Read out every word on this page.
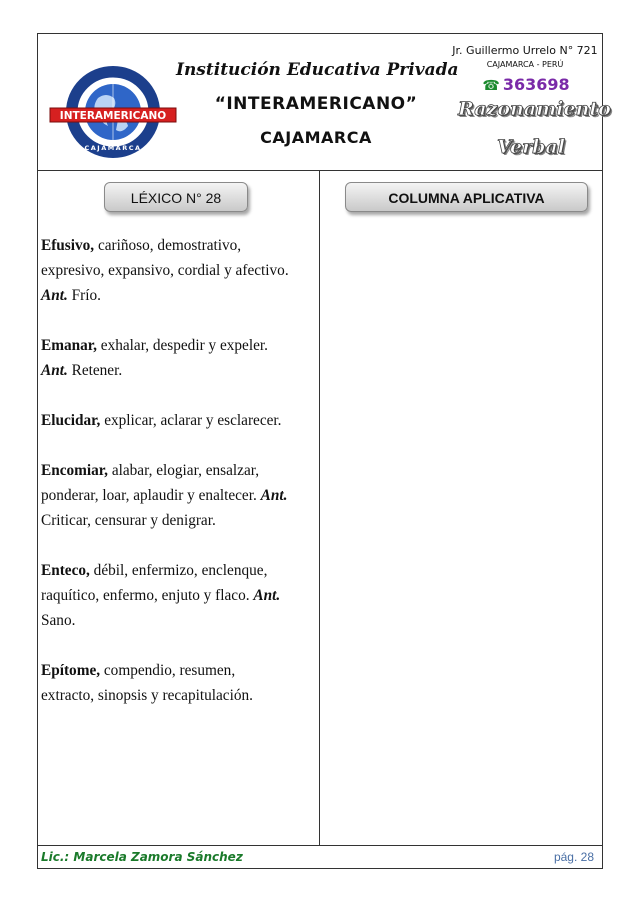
INSTITUCIÓN EDUCATIVA PRIVADA
INTERAMERICANO
CAJAMARCA
Institución Educativa Privada
“INTERAMERICANO”
CAJAMARCA
Jr. Guillermo Urrelo N° 721
CAJAMARCA - PERÚ
☎ 363698
Razonamiento
Verbal
LÉXICO N° 28	COLUMNA APLICATIVA
Efusivo, cariñoso, demostrativo, expresivo, expansivo, cordial y afectivo. Ant. Frío.
Emanar, exhalar, despedir y expeler. Ant. Retener.
Elucidar, explicar, aclarar y esclarecer.
Encomiar, alabar, elogiar, ensalzar, ponderar, loar, aplaudir y enaltecer. Ant. Criticar, censurar y denigrar.
Enteco, débil, enfermizo, enclenque, raquítico, enfermo, enjuto y flaco. Ant. Sano.
Epítome, compendio, resumen, extracto, sinopsis y recapitulación.
Lic.: Marcela Zamora Sánchez	pág. 28
